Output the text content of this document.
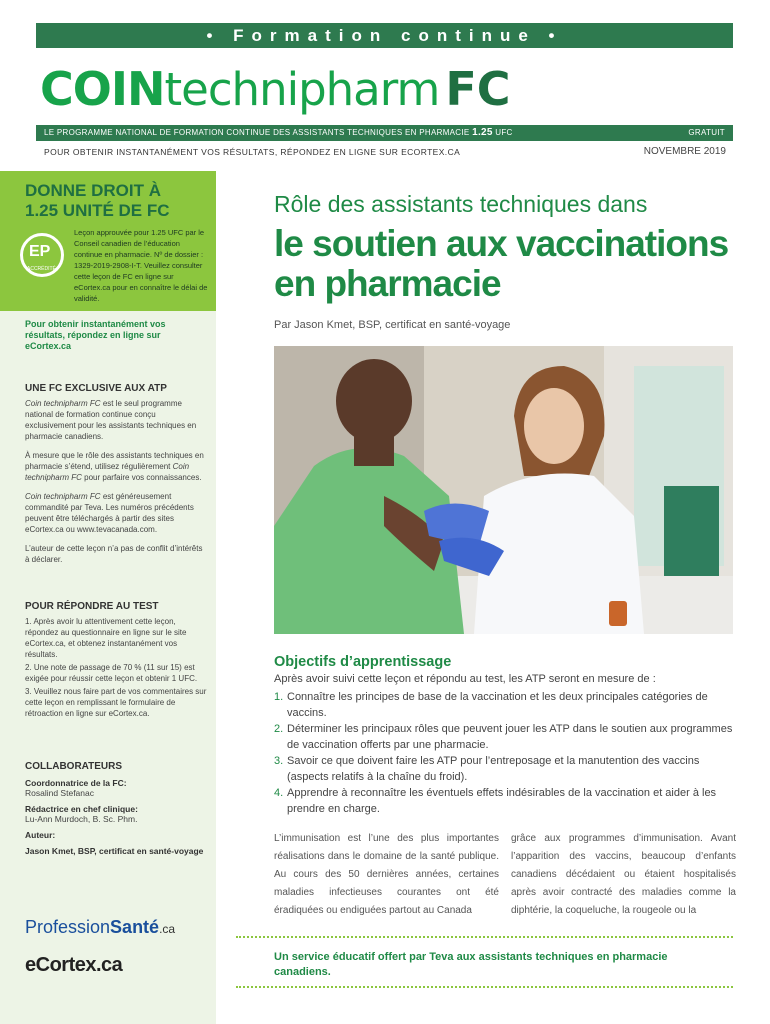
• Formation continue •
COINtechnipharm FC
LE PROGRAMME NATIONAL DE FORMATION CONTINUE DES ASSISTANTS TECHNIQUES EN PHARMACIE 1.25 UFC	GRATUIT
POUR OBTENIR INSTANTANÉMENT VOS RÉSULTATS, RÉPONDEZ EN LIGNE SUR ECORTEX.CA	NOVEMBRE 2019
DONNE DROIT À
1.25 UNITÉ DE FC
EP
ACCRÉDITÉ
Leçon approuvée pour 1.25 UFC par le Conseil canadien de l’éducation continue en pharmacie. Nº de dossier : 1329-2019-2908-I-T. Veuillez consulter cette leçon de FC en ligne sur eCortex.ca pour en connaître le délai de validité.
Pour obtenir instantanément vos résultats, répondez en ligne sur eCortex.ca
UNE FC EXCLUSIVE AUX ATP

Coin technipharm FC est le seul programme national de formation continue conçu exclusivement pour les assistants techniques en pharmacie canadiens.

À mesure que le rôle des assistants techniques en pharmacie s’étend, utilisez régulièrement Coin technipharm FC pour parfaire vos connaissances.

Coin technipharm FC est généreusement commandité par Teva. Les numéros précédents peuvent être téléchargés à partir des sites eCortex.ca ou www.tevacanada.com.

L’auteur de cette leçon n’a pas de conflit d’intérêts à déclarer.

POUR RÉPONDRE AU TEST
1. Après avoir lu attentivement cette leçon, répondez au questionnaire en ligne sur le site eCortex.ca, et obtenez instantanément vos résultats.
2. Une note de passage de 70 % (11 sur 15) est exigée pour réussir cette leçon et obtenir 1 UFC.
3. Veuillez nous faire part de vos commentaires sur cette leçon en remplissant le formulaire de rétroaction en ligne sur eCortex.ca.
COLLABORATEURS
Coordonnatrice de la FC:
Rosalind Stefanac
Rédactrice en chef clinique:
Lu-Ann Murdoch, B. Sc. Phm.
Auteur:
Jason Kmet, BSP, certificat en santé-voyage
ProfessionSanté.ca
eCortex.ca
Rôle des assistants techniques dans
le soutien aux vaccinations en pharmacie
Par Jason Kmet, BSP, certificat en santé-voyage
Objectifs d’apprentissage
Après avoir suivi cette leçon et répondu au test, les ATP seront en mesure de :
1. Connaître les principes de base de la vaccination et les deux principales catégories de vaccins.
2. Déterminer les principaux rôles que peuvent jouer les ATP dans le soutien aux programmes de vaccination offerts par une pharmacie.
3. Savoir ce que doivent faire les ATP pour l’entreposage et la manutention des vaccins (aspects relatifs à la chaîne du froid).
4. Apprendre à reconnaître les éventuels effets indésirables de la vaccination et aider à les prendre en charge.
L’immunisation est l’une des plus importantes réalisations dans le domaine de la santé publique. Au cours des 50 dernières années, certaines maladies infectieuses courantes ont été éradiquées ou endiguées partout au Canada
grâce aux programmes d’immunisation. Avant l’apparition des vaccins, beaucoup d’enfants canadiens décédaient ou étaient hospitalisés après avoir contracté des maladies comme la diphtérie, la coqueluche, la rougeole ou la
Un service éducatif offert par Teva aux assistants techniques en pharmacie canadiens.
